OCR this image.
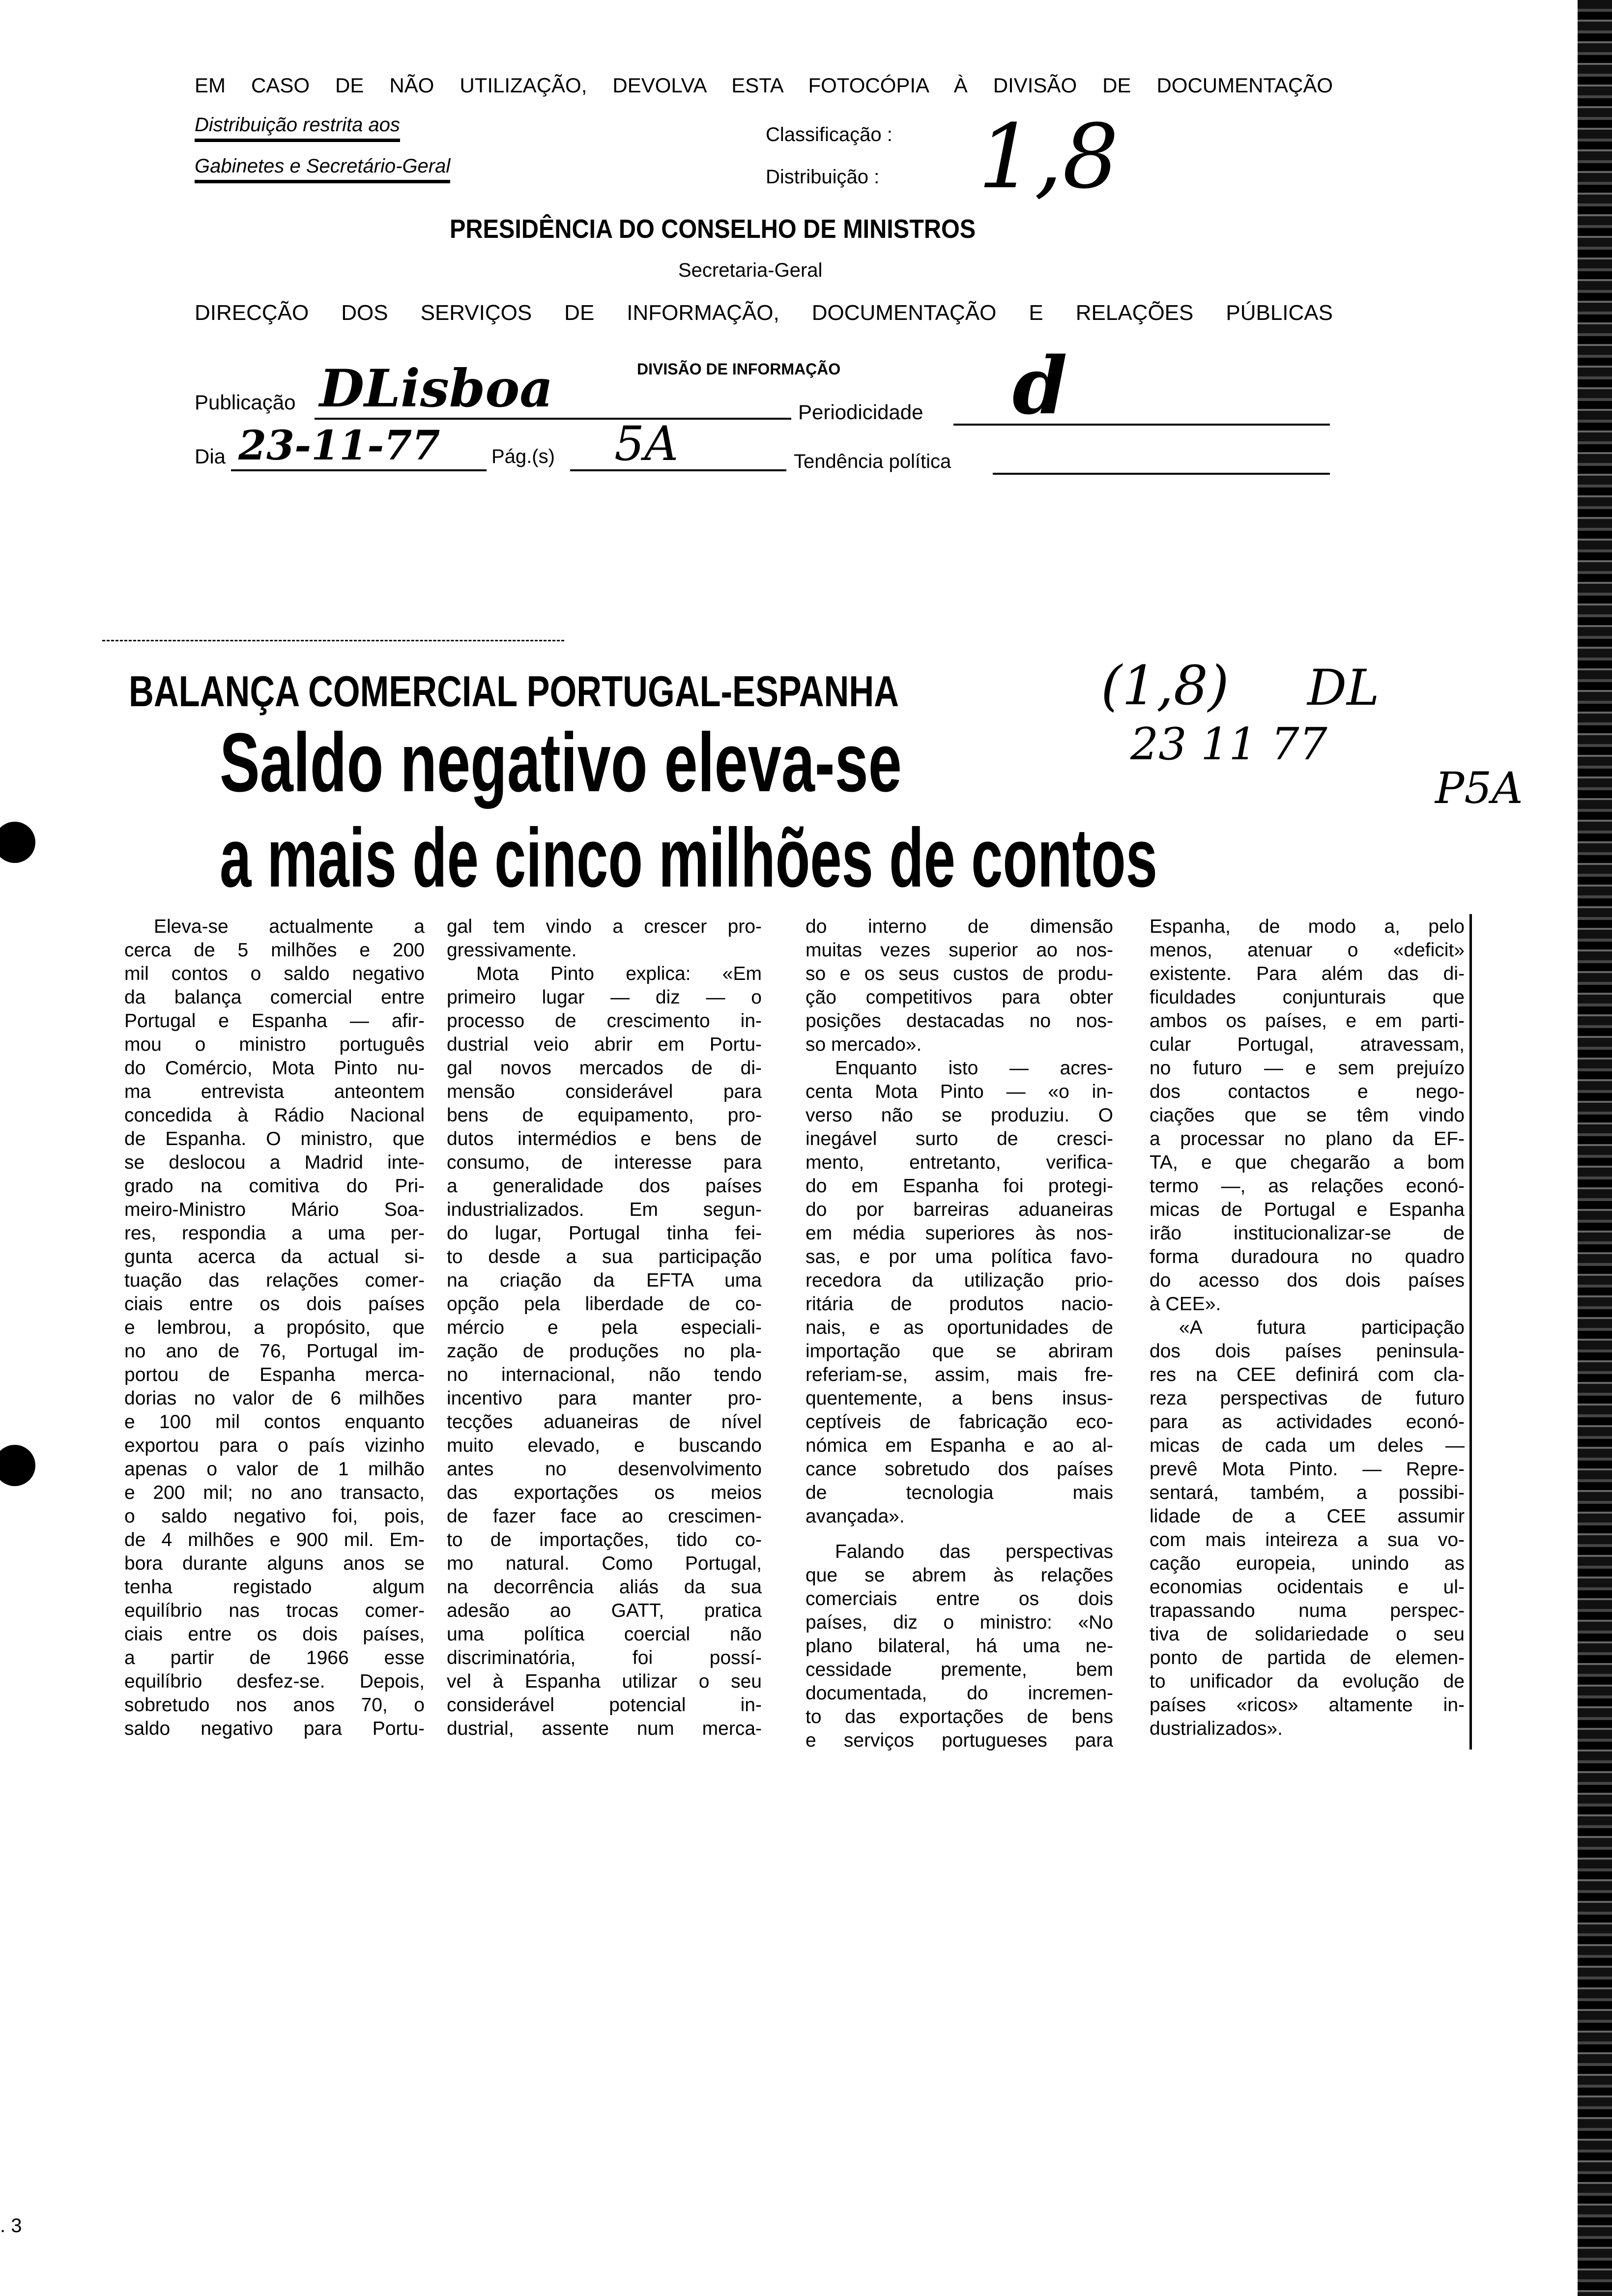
EM CASO DE NÃO UTILIZAÇÃO, DEVOLVA ESTA FOTOCÓPIA À DIVISÃO DE DOCUMENTAÇÃO
Distribuição restrita aos
Gabinetes e Secretário-Geral
Classificação :
Distribuição : 1,8
PRESIDÊNCIA DO CONSELHO DE MINISTROS
Secretaria-Geral
DIRECÇÃO DOS SERVIÇOS DE INFORMAÇÃO, DOCUMENTAÇÃO E RELAÇÕES PÚBLICAS
DIVISÃO DE INFORMAÇÃO
Publicação DLisboa	Periodicidade d
Dia 23-11-77	Pág.(s) 5A	Tendência política
BALANÇA COMERCIAL PORTUGAL-ESPANHA
Saldo negativo eleva-se
a mais de cinco milhões de contos
(1,8) DL
23 11 77
P5A
Eleva-se actualmente a
cerca de 5 milhões e 200
mil contos o saldo negativo
da balança comercial entre
Portugal e Espanha — afir-
mou o ministro português
do Comércio, Mota Pinto nu-
ma entrevista anteontem
concedida à Rádio Nacional
de Espanha. O ministro, que
se deslocou a Madrid inte-
grado na comitiva do Pri-
meiro-Ministro Mário Soa-
res, respondia a uma per-
gunta acerca da actual si-
tuação das relações comer-
ciais entre os dois países
e lembrou, a propósito, que
no ano de 76, Portugal im-
portou de Espanha merca-
dorias no valor de 6 milhões
e 100 mil contos enquanto
exportou para o país vizinho
apenas o valor de 1 milhão
e 200 mil; no ano transacto,
o saldo negativo foi, pois,
de 4 milhões e 900 mil. Em-
bora durante alguns anos se
tenha registado algum
equilíbrio nas trocas comer-
ciais entre os dois países,
a partir de 1966 esse
equilíbrio desfez-se. Depois,
sobretudo nos anos 70, o
saldo negativo para Portu-
gal tem vindo a crescer pro-
gressivamente.
Mota Pinto explica: «Em
primeiro lugar — diz — o
processo de crescimento in-
dustrial veio abrir em Portu-
gal novos mercados de di-
mensão considerável para
bens de equipamento, pro-
dutos intermédios e bens de
consumo, de interesse para
a generalidade dos países
industrializados. Em segun-
do lugar, Portugal tinha fei-
to desde a sua participação
na criação da EFTA uma
opção pela liberdade de co-
mércio e pela especiali-
zação de produções no pla-
no internacional, não tendo
incentivo para manter pro-
tecções aduaneiras de nível
muito elevado, e buscando
antes no desenvolvimento
das exportações os meios
de fazer face ao crescimen-
to de importações, tido co-
mo natural. Como Portugal,
na decorrência aliás da sua
adesão ao GATT, pratica
uma política coercial não
discriminatória, foi possí-
vel à Espanha utilizar o seu
considerável potencial in-
dustrial, assente num merca-
do interno de dimensão
muitas vezes superior ao nos-
so e os seus custos de produ-
ção competitivos para obter
posições destacadas no nos-
so mercado».
Enquanto isto — acres-
centa Mota Pinto — «o in-
verso não se produziu. O
inegável surto de cresci-
mento, entretanto, verifica-
do em Espanha foi protegi-
do por barreiras aduaneiras
em média superiores às nos-
sas, e por uma política favo-
recedora da utilização prio-
ritária de produtos nacio-
nais, e as oportunidades de
importação que se abriram
referiam-se, assim, mais fre-
quentemente, a bens insus-
ceptíveis de fabricação eco-
nómica em Espanha e ao al-
cance sobretudo dos países
de tecnologia mais
avançada».
Falando das perspectivas
que se abrem às relações
comerciais entre os dois
países, diz o ministro: «No
plano bilateral, há uma ne-
cessidade premente, bem
documentada, do incremen-
to das exportações de bens
e serviços portugueses para
Espanha, de modo a, pelo
menos, atenuar o «deficit»
existente. Para além das di-
ficuldades conjunturais que
ambos os países, e em parti-
cular Portugal, atravessam,
no futuro — e sem prejuízo
dos contactos e nego-
ciações que se têm vindo
a processar no plano da EF-
TA, e que chegarão a bom
termo —, as relações econó-
micas de Portugal e Espanha
irão institucionalizar-se de
forma duradoura no quadro
do acesso dos dois países
à CEE».
«A futura participação
dos dois países peninsula-
res na CEE definirá com cla-
reza perspectivas de futuro
para as actividades econó-
micas de cada um deles —
prevê Mota Pinto. — Repre-
sentará, também, a possibi-
lidade de a CEE assumir
com mais inteireza a sua vo-
cação europeia, unindo as
economias ocidentais e ul-
trapassando numa perspec-
tiva de solidariedade o seu
ponto de partida de elemen-
to unificador da evolução de
países «ricos» altamente in-
dustrializados».
. 3
